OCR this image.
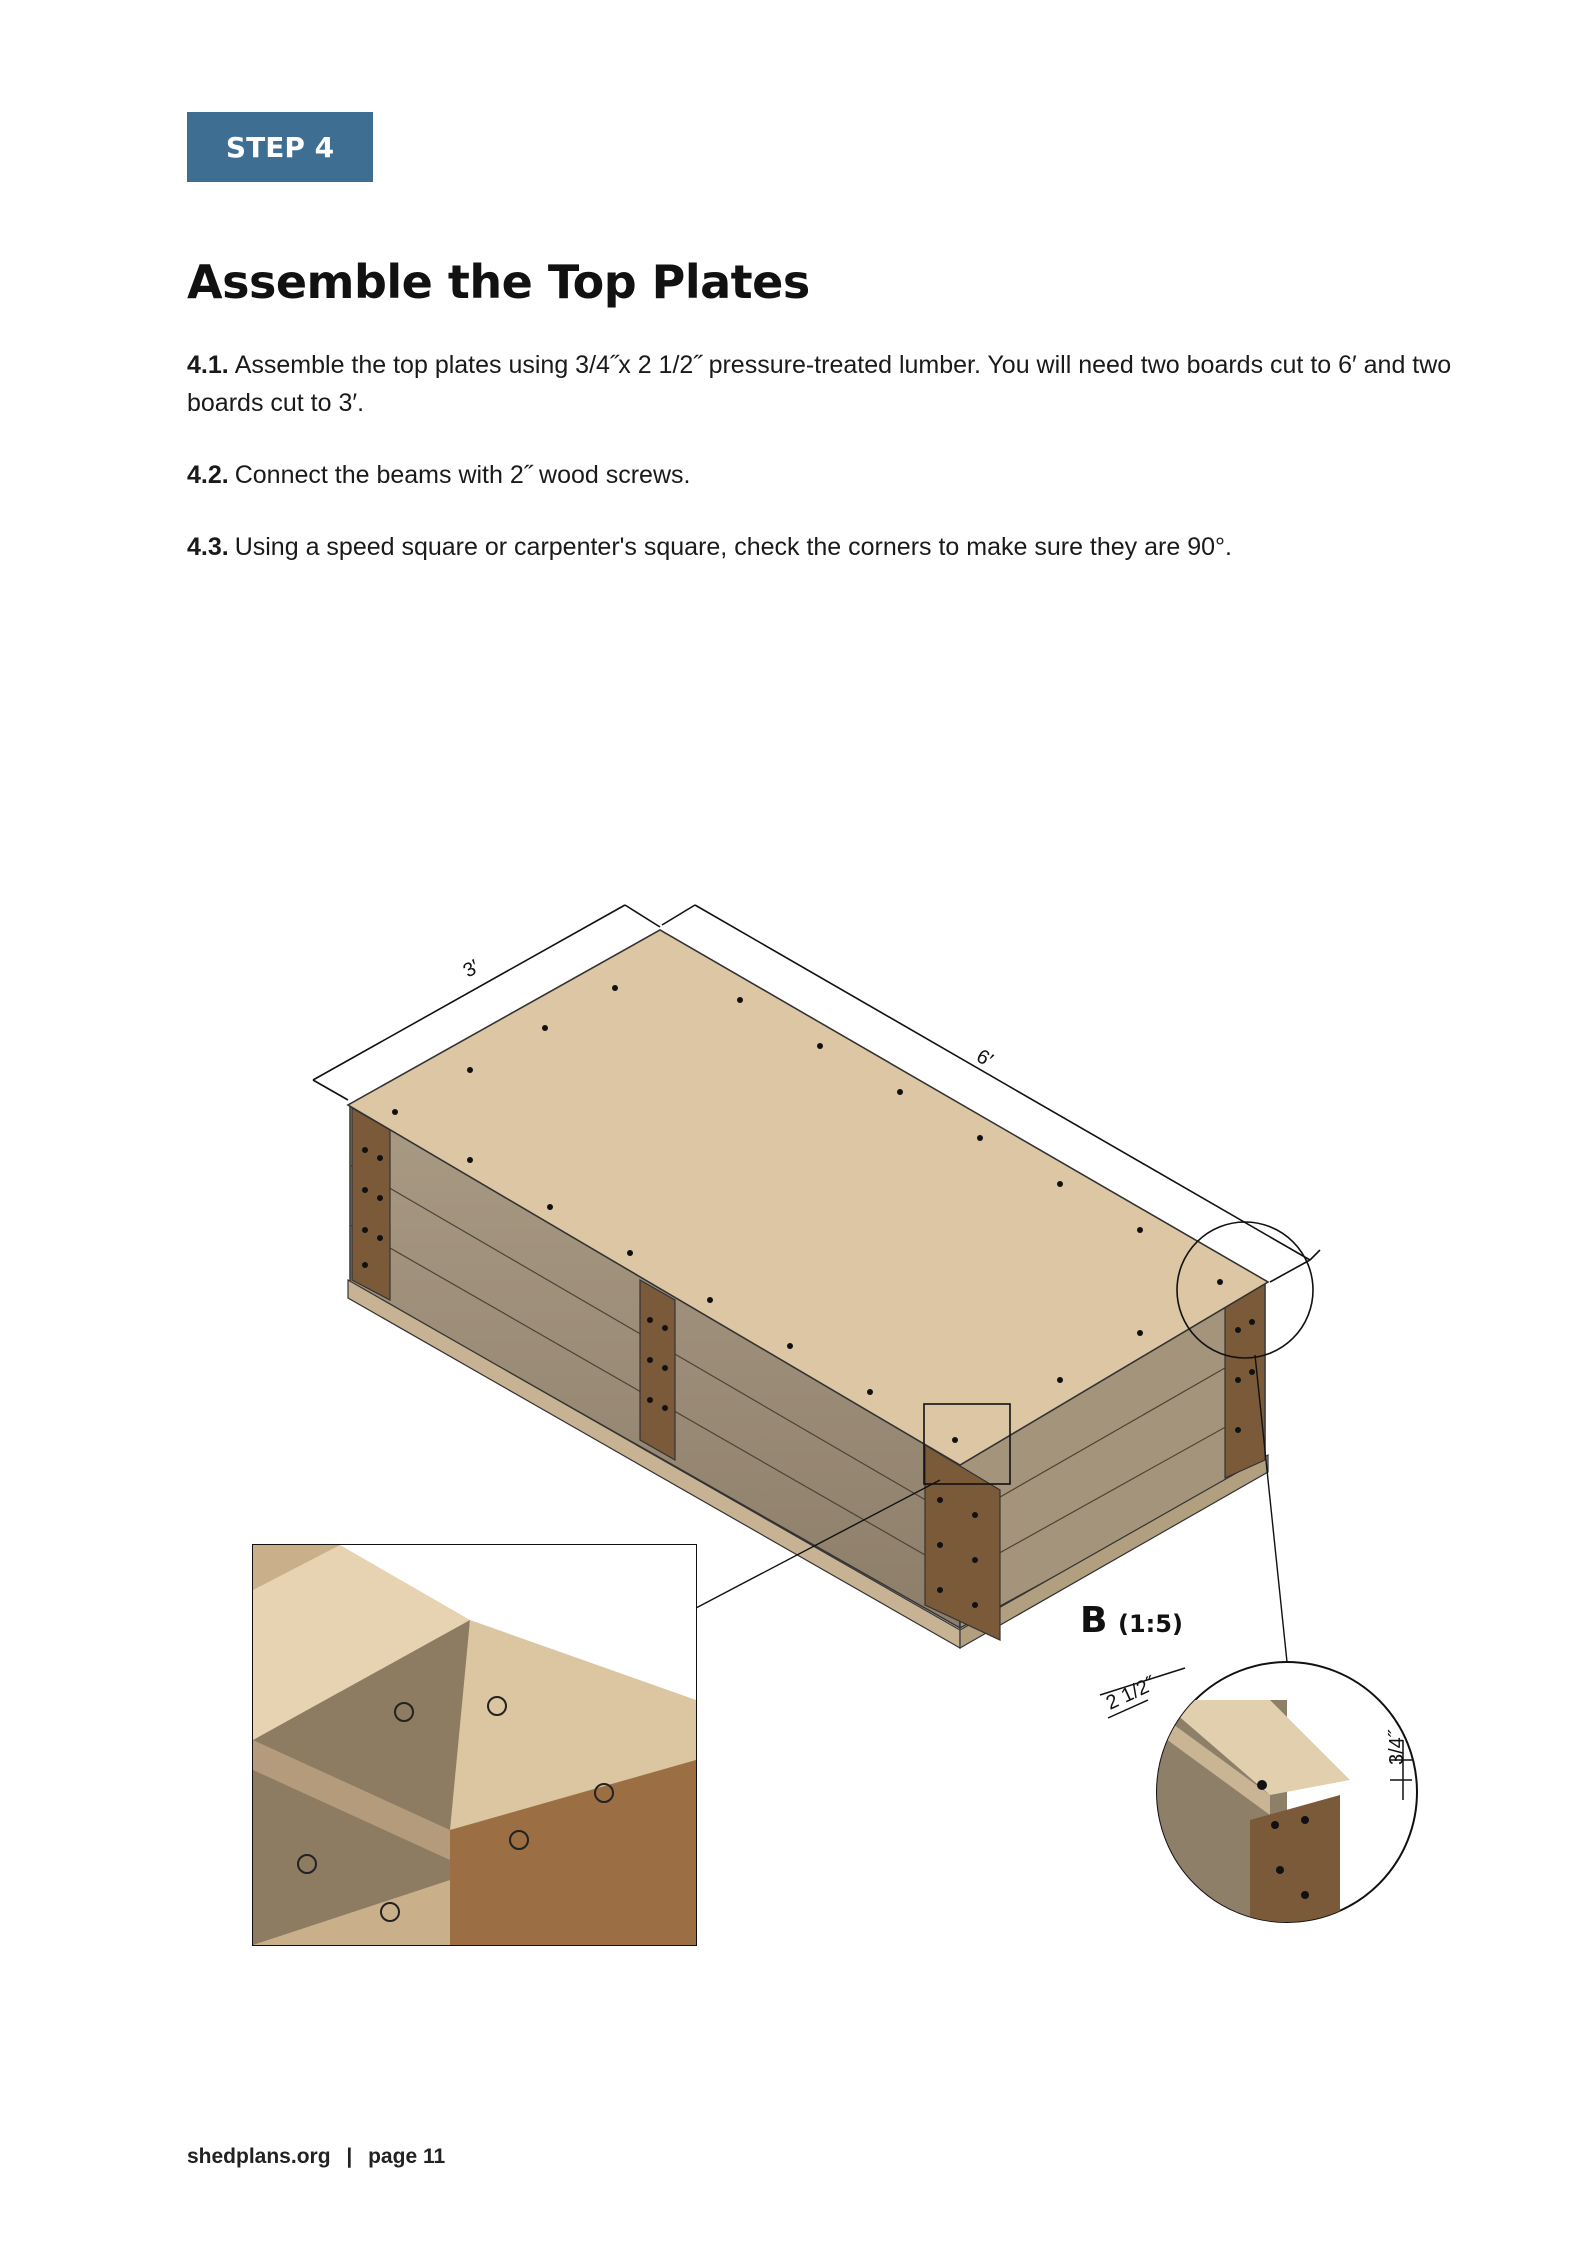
STEP 4
Assemble the Top Plates

4.1. Assemble the top plates using 3/4˝x 2 1/2˝ pressure-treated lumber. You will need two boards cut to 6′ and two boards cut to 3′.

4.2. Connect the beams with 2˝ wood screws.

4.3. Using a speed square or carpenter's square, check the corners to make sure they are 90°.

3′
6′
B (1:5)
2 1/2˝
3/4˝
shedplans.org | page 11
